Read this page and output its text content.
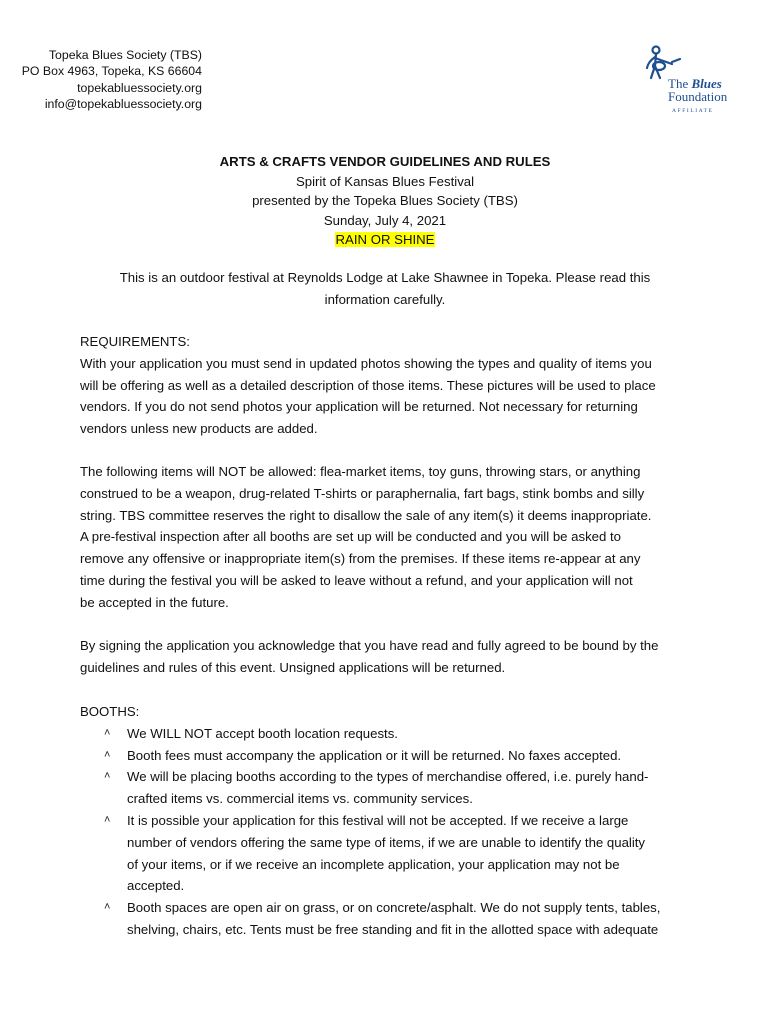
Topeka Blues Society (TBS)
PO Box 4963, Topeka, KS 66604
topekabluessociety.org
info@topekabluessociety.org
The Blues
Foundation
AFFILIATE
ARTS & CRAFTS VENDOR GUIDELINES AND RULES
Spirit of Kansas Blues Festival
presented by the Topeka Blues Society (TBS)
Sunday, July 4, 2021
RAIN OR SHINE
This is an outdoor festival at Reynolds Lodge at Lake Shawnee in Topeka. Please read this
information carefully.

REQUIREMENTS:

With your application you must send in updated photos showing the types and quality of items you

will be offering as well as a detailed description of those items. These pictures will be used to place

vendors. If you do not send photos your application will be returned. Not necessary for returning

vendors unless new products are added.

The following items will NOT be allowed: flea-market items, toy guns, throwing stars, or anything

construed to be a weapon, drug-related T-shirts or paraphernalia, fart bags, stink bombs and silly

string. TBS committee reserves the right to disallow the sale of any item(s) it deems inappropriate.

A pre-festival inspection after all booths are set up will be conducted and you will be asked to

remove any offensive or inappropriate item(s) from the premises. If these items re-appear at any

time during the festival you will be asked to leave without a refund, and your application will not

be accepted in the future.

By signing the application you acknowledge that you have read and fully agreed to be bound by the

guidelines and rules of this event. Unsigned applications will be returned.

BOOTHS:
˄ We WILL NOT accept booth location requests.
˄ Booth fees must accompany the application or it will be returned. No faxes accepted.
˄ We will be placing booths according to the types of merchandise offered, i.e. purely hand-
crafted items vs. commercial items vs. community services.
˄ It is possible your application for this festival will not be accepted. If we receive a large
number of vendors offering the same type of items, if we are unable to identify the quality
of your items, or if we receive an incomplete application, your application may not be
accepted.
˄ Booth spaces are open air on grass, or on concrete/asphalt. We do not supply tents, tables,
shelving, chairs, etc. Tents must be free standing and fit in the allotted space with adequate
